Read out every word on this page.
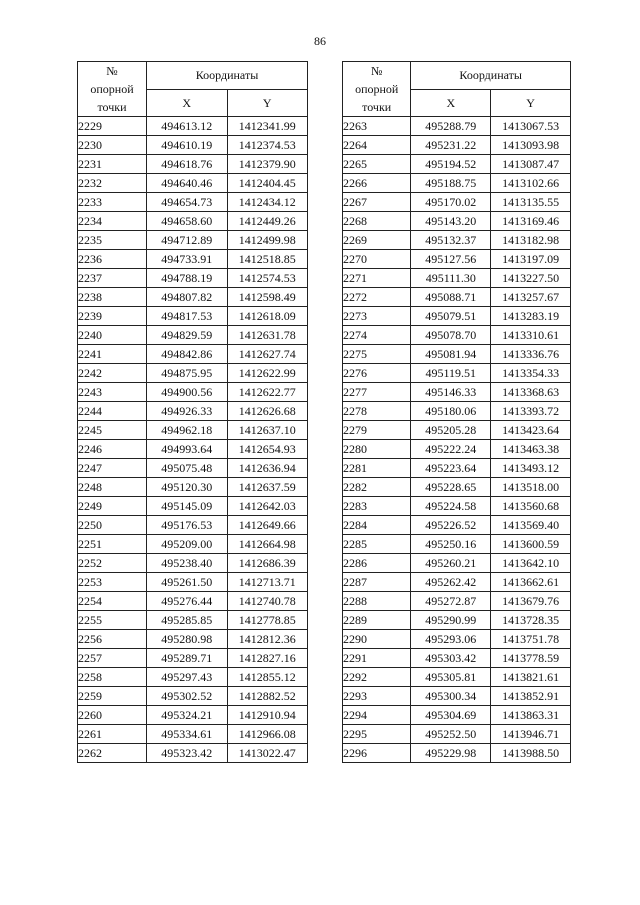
86
№
опорной
точки	Координаты	
	X	Y
2229	494613.12	1412341.99
2230	494610.19	1412374.53
2231	494618.76	1412379.90
2232	494640.46	1412404.45
2233	494654.73	1412434.12
2234	494658.60	1412449.26
2235	494712.89	1412499.98
2236	494733.91	1412518.85
2237	494788.19	1412574.53
2238	494807.82	1412598.49
2239	494817.53	1412618.09
2240	494829.59	1412631.78
2241	494842.86	1412627.74
2242	494875.95	1412622.99
2243	494900.56	1412622.77
2244	494926.33	1412626.68
2245	494962.18	1412637.10
2246	494993.64	1412654.93
2247	495075.48	1412636.94
2248	495120.30	1412637.59
2249	495145.09	1412642.03
2250	495176.53	1412649.66
2251	495209.00	1412664.98
2252	495238.40	1412686.39
2253	495261.50	1412713.71
2254	495276.44	1412740.78
2255	495285.85	1412778.85
2256	495280.98	1412812.36
2257	495289.71	1412827.16
2258	495297.43	1412855.12
2259	495302.52	1412882.52
2260	495324.21	1412910.94
2261	495334.61	1412966.08
2262	495323.42	1413022.47
№
опорной
точки	Координаты	
	X	Y
2263	495288.79	1413067.53
2264	495231.22	1413093.98
2265	495194.52	1413087.47
2266	495188.75	1413102.66
2267	495170.02	1413135.55
2268	495143.20	1413169.46
2269	495132.37	1413182.98
2270	495127.56	1413197.09
2271	495111.30	1413227.50
2272	495088.71	1413257.67
2273	495079.51	1413283.19
2274	495078.70	1413310.61
2275	495081.94	1413336.76
2276	495119.51	1413354.33
2277	495146.33	1413368.63
2278	495180.06	1413393.72
2279	495205.28	1413423.64
2280	495222.24	1413463.38
2281	495223.64	1413493.12
2282	495228.65	1413518.00
2283	495224.58	1413560.68
2284	495226.52	1413569.40
2285	495250.16	1413600.59
2286	495260.21	1413642.10
2287	495262.42	1413662.61
2288	495272.87	1413679.76
2289	495290.99	1413728.35
2290	495293.06	1413751.78
2291	495303.42	1413778.59
2292	495305.81	1413821.61
2293	495300.34	1413852.91
2294	495304.69	1413863.31
2295	495252.50	1413946.71
2296	495229.98	1413988.50
